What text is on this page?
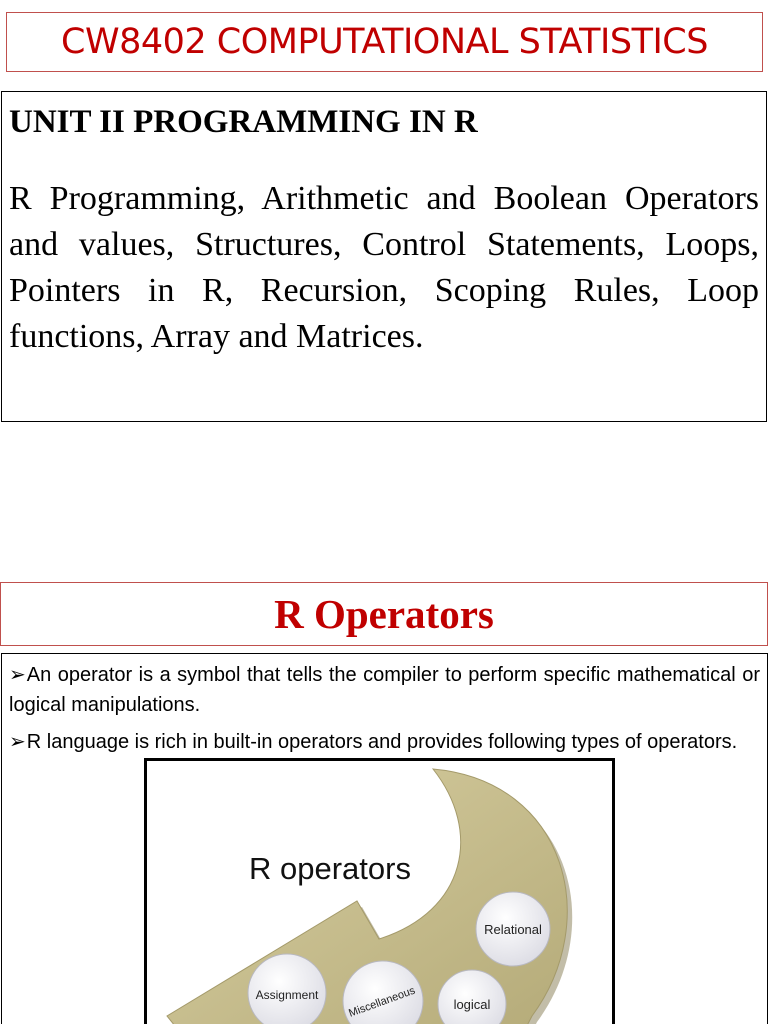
CW8402 COMPUTATIONAL STATISTICS
UNIT II PROGRAMMING IN R
R Programming, Arithmetic and Boolean Operators and values, Structures, Control Statements, Loops, Pointers in R, Recursion, Scoping Rules, Loop functions, Array and Matrices.
R Operators

➢An operator is a symbol that tells the compiler to perform specific mathematical or logical manipulations.

➢R language is rich in built-in operators and provides following types of operators.

R operators
Relational
Assignment	Miscellaneous	logical
